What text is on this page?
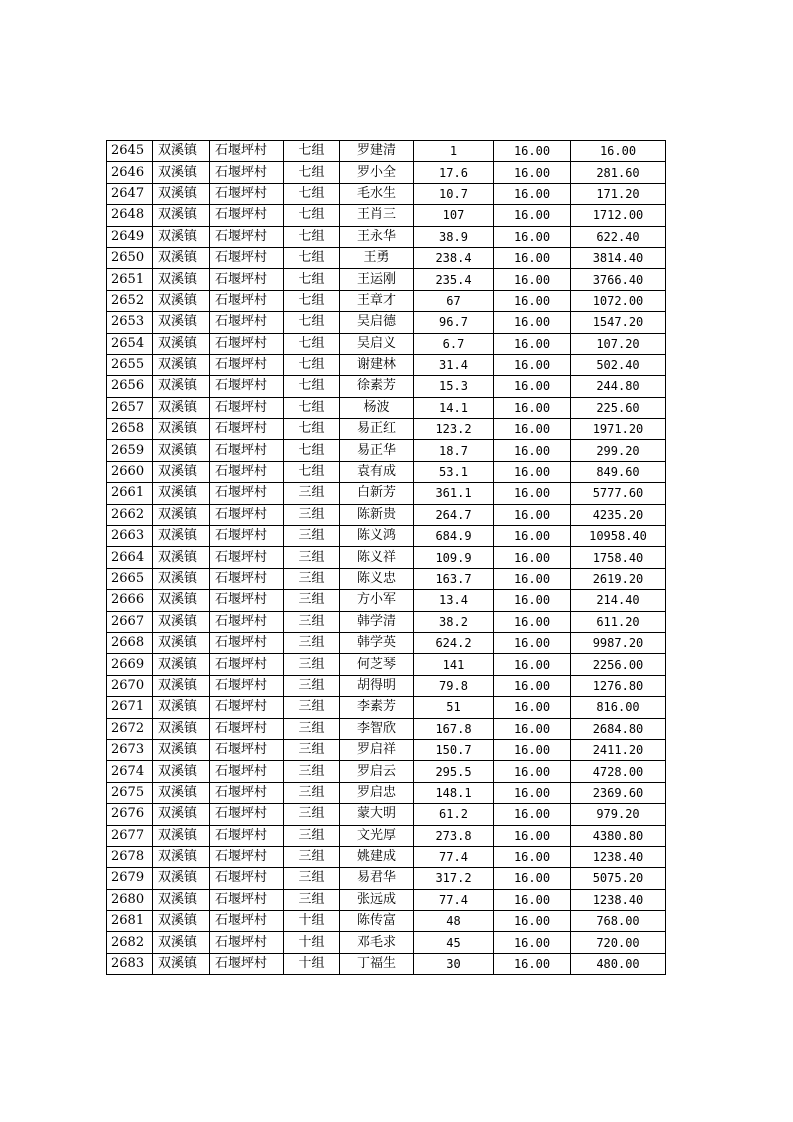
2645	双溪镇	石堰坪村	七组	罗建清	1	16.00	16.00
2646	双溪镇	石堰坪村	七组	罗小全	17.6	16.00	281.60
2647	双溪镇	石堰坪村	七组	毛水生	10.7	16.00	171.20
2648	双溪镇	石堰坪村	七组	王肖三	107	16.00	1712.00
2649	双溪镇	石堰坪村	七组	王永华	38.9	16.00	622.40
2650	双溪镇	石堰坪村	七组	王勇	238.4	16.00	3814.40
2651	双溪镇	石堰坪村	七组	王运刚	235.4	16.00	3766.40
2652	双溪镇	石堰坪村	七组	王章才	67	16.00	1072.00
2653	双溪镇	石堰坪村	七组	吴启德	96.7	16.00	1547.20
2654	双溪镇	石堰坪村	七组	吴启义	6.7	16.00	107.20
2655	双溪镇	石堰坪村	七组	谢建林	31.4	16.00	502.40
2656	双溪镇	石堰坪村	七组	徐素芳	15.3	16.00	244.80
2657	双溪镇	石堰坪村	七组	杨波	14.1	16.00	225.60
2658	双溪镇	石堰坪村	七组	易正红	123.2	16.00	1971.20
2659	双溪镇	石堰坪村	七组	易正华	18.7	16.00	299.20
2660	双溪镇	石堰坪村	七组	袁有成	53.1	16.00	849.60
2661	双溪镇	石堰坪村	三组	白新芳	361.1	16.00	5777.60
2662	双溪镇	石堰坪村	三组	陈新贵	264.7	16.00	4235.20
2663	双溪镇	石堰坪村	三组	陈义鸿	684.9	16.00	10958.40
2664	双溪镇	石堰坪村	三组	陈义祥	109.9	16.00	1758.40
2665	双溪镇	石堰坪村	三组	陈义忠	163.7	16.00	2619.20
2666	双溪镇	石堰坪村	三组	方小军	13.4	16.00	214.40
2667	双溪镇	石堰坪村	三组	韩学清	38.2	16.00	611.20
2668	双溪镇	石堰坪村	三组	韩学英	624.2	16.00	9987.20
2669	双溪镇	石堰坪村	三组	何芝琴	141	16.00	2256.00
2670	双溪镇	石堰坪村	三组	胡得明	79.8	16.00	1276.80
2671	双溪镇	石堰坪村	三组	李素芳	51	16.00	816.00
2672	双溪镇	石堰坪村	三组	李智欣	167.8	16.00	2684.80
2673	双溪镇	石堰坪村	三组	罗启祥	150.7	16.00	2411.20
2674	双溪镇	石堰坪村	三组	罗启云	295.5	16.00	4728.00
2675	双溪镇	石堰坪村	三组	罗启忠	148.1	16.00	2369.60
2676	双溪镇	石堰坪村	三组	蒙大明	61.2	16.00	979.20
2677	双溪镇	石堰坪村	三组	文光厚	273.8	16.00	4380.80
2678	双溪镇	石堰坪村	三组	姚建成	77.4	16.00	1238.40
2679	双溪镇	石堰坪村	三组	易君华	317.2	16.00	5075.20
2680	双溪镇	石堰坪村	三组	张远成	77.4	16.00	1238.40
2681	双溪镇	石堰坪村	十组	陈传富	48	16.00	768.00
2682	双溪镇	石堰坪村	十组	邓毛求	45	16.00	720.00
2683	双溪镇	石堰坪村	十组	丁福生	30	16.00	480.00
